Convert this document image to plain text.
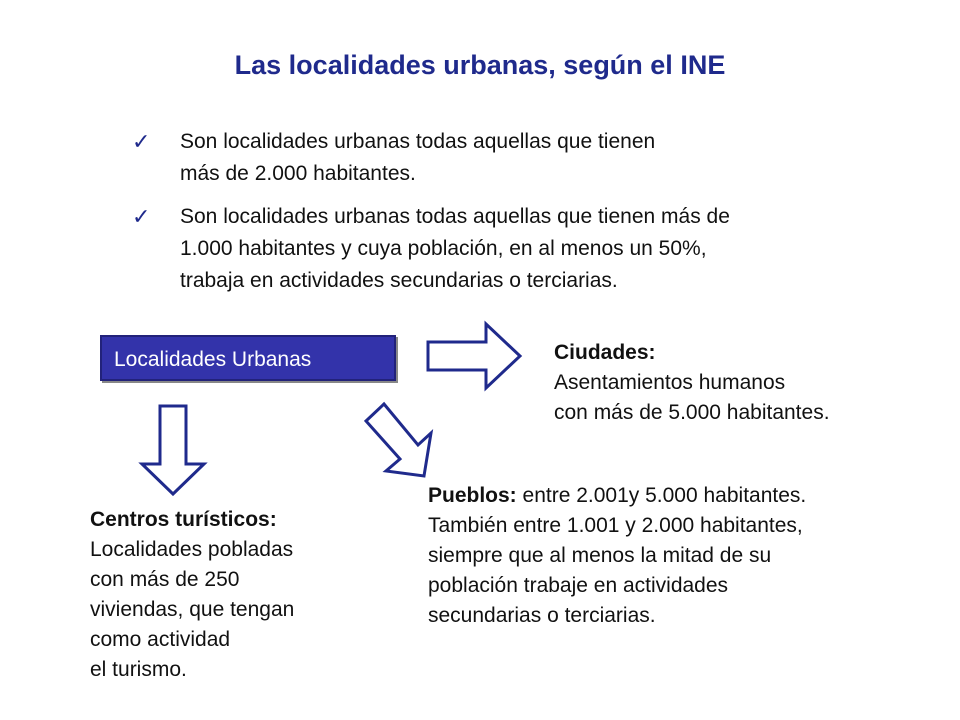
Las localidades urbanas, según el INE
✓ Son localidades urbanas todas aquellas que tienen
más de 2.000 habitantes.
✓ Son localidades urbanas todas aquellas que tienen más de
1.000 habitantes y cuya población, en al menos un 50%,
trabaja en actividades secundarias o terciarias.
Localidades Urbanas	Ciudades:
Asentamientos humanos
con más de 5.000 habitantes.
Pueblos: entre 2.001y 5.000 habitantes.
También entre 1.001 y 2.000 habitantes,
siempre que al menos la mitad de su
población trabaje en actividades
secundarias o terciarias.
Centros turísticos:
Localidades pobladas
con más de 250
viviendas, que tengan
como actividad
el turismo.
